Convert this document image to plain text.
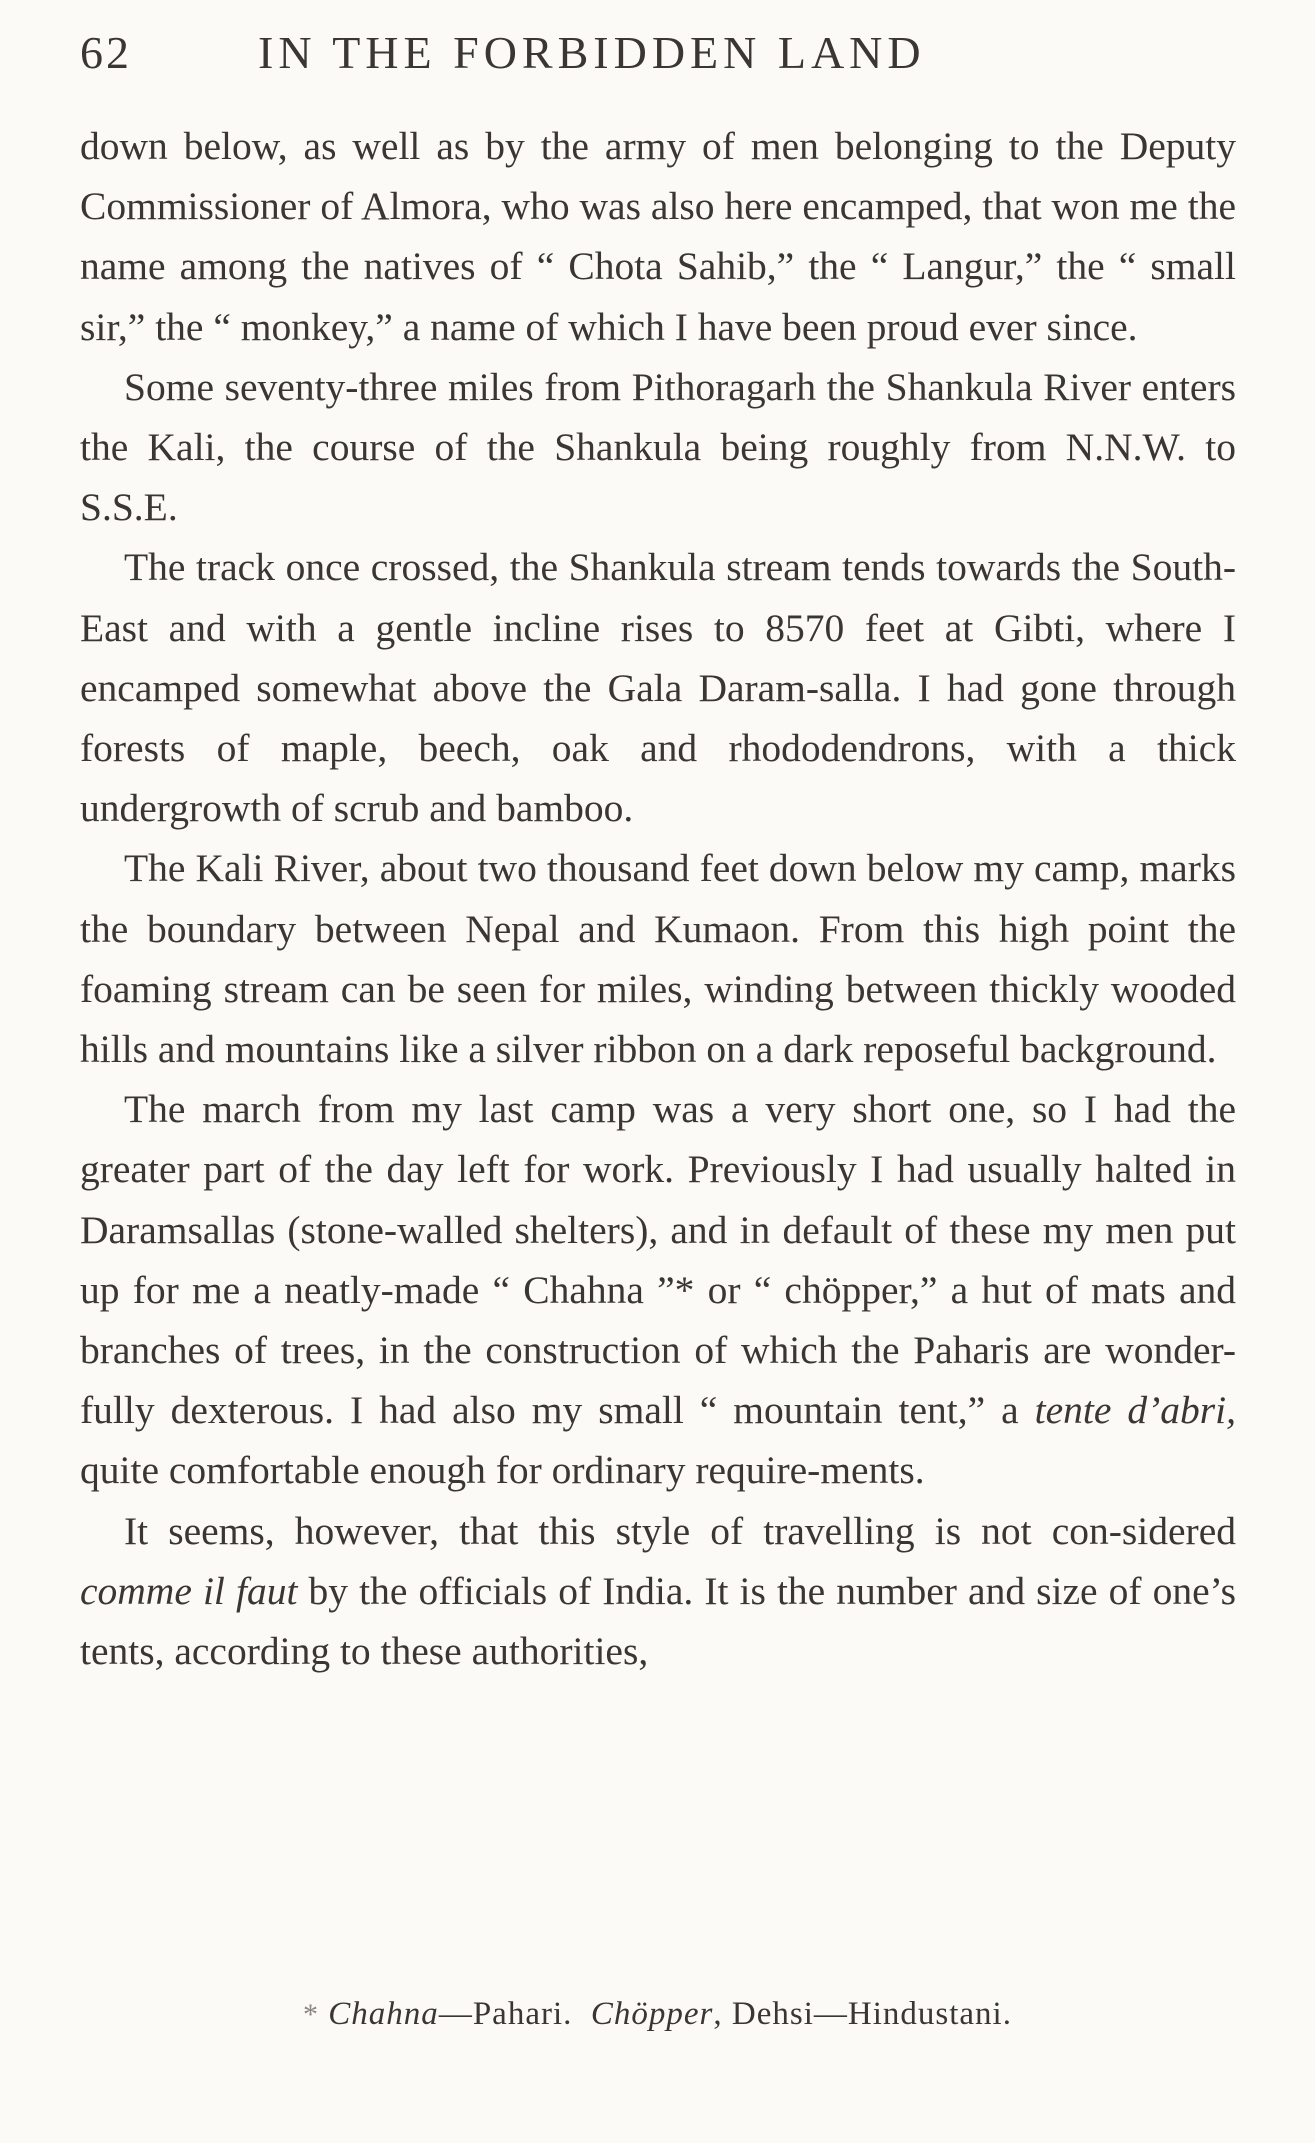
62	IN THE FORBIDDEN LAND

down below, as well as by the army of men belonging to the Deputy Commissioner of Almora, who was also here encamped, that won me the name among the natives of “ Chota Sahib,” the “ Langur,” the “ small sir,” the “ monkey,” a name of which I have been proud ever since.

Some seventy-three miles from Pithoragarh the Shankula River enters the Kali, the course of the Shankula being roughly from N.N.W. to S.S.E.

The track once crossed, the Shankula stream tends towards the South-East and with a gentle incline rises to 8570 feet at Gibti, where I encamped somewhat above the Gala Daram-salla. I had gone through forests of maple, beech, oak and rhododendrons, with a thick undergrowth of scrub and bamboo.

The Kali River, about two thousand feet down below my camp, marks the boundary between Nepal and Kumaon. From this high point the foaming stream can be seen for miles, winding between thickly wooded hills and mountains like a silver ribbon on a dark reposeful background.

The march from my last camp was a very short one, so I had the greater part of the day left for work. Previously I had usually halted in Daramsallas (stone-walled shelters), and in default of these my men put up for me a neatly-made “ Chahna ”* or “ chöpper,” a hut of mats and branches of trees, in the construction of which the Paharis are wonder-fully dexterous. I had also my small “ mountain tent,” a tente d’abri, quite comfortable enough for ordinary require-ments.

It seems, however, that this style of travelling is not con-sidered comme il faut by the officials of India. It is the number and size of one’s tents, according to these authorities,

* Chahna—Pahari. Chöpper, Dehsi—Hindustani.
